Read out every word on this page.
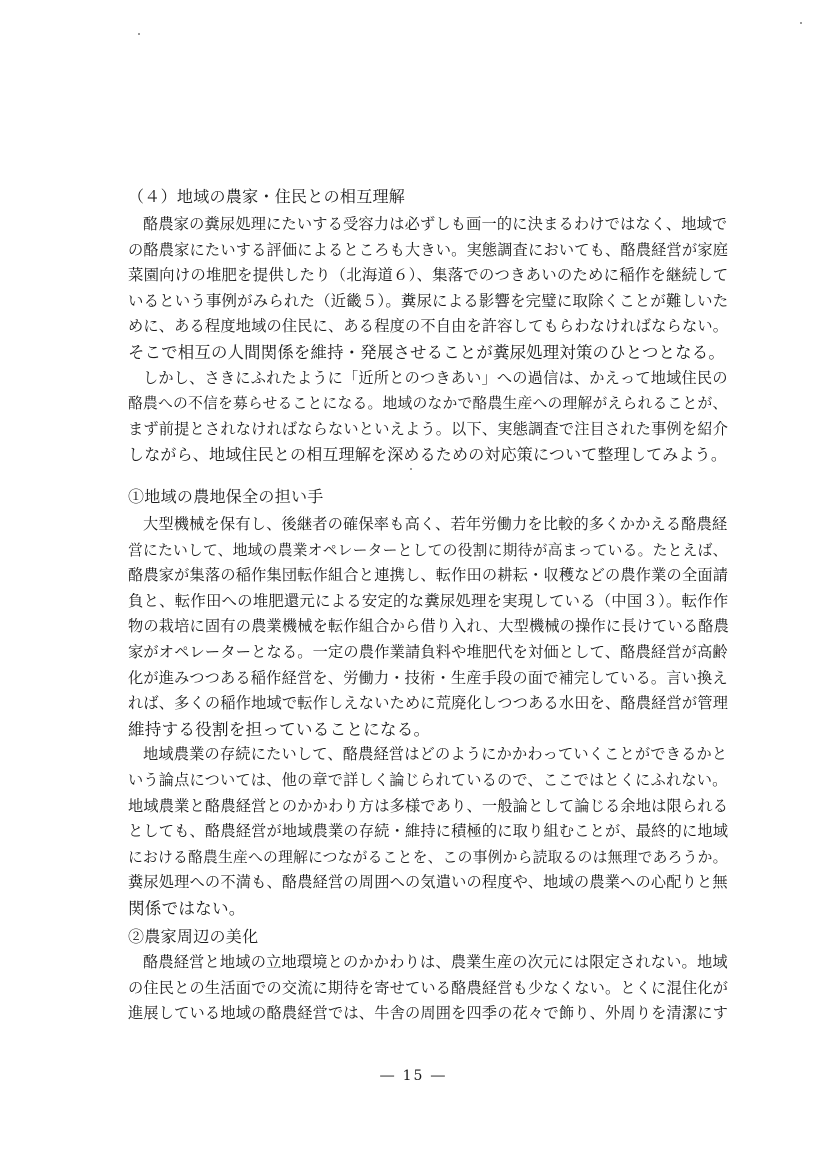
（４）地域の農家・住民との相互理解
酪農家の糞尿処理にたいする受容力は必ずしも画一的に決まるわけではなく、地域で
の酪農家にたいする評価によるところも大きい。実態調査においても、酪農経営が家庭
菜園向けの堆肥を提供したり（北海道６）、集落でのつきあいのために稲作を継続して
いるという事例がみられた（近畿５）。糞尿による影響を完璧に取除くことが難しいた
めに、ある程度地域の住民に、ある程度の不自由を許容してもらわなければならない。
そこで相互の人間関係を維持・発展させることが糞尿処理対策のひとつとなる。
しかし、さきにふれたように「近所とのつきあい」への過信は、かえって地域住民の
酪農への不信を募らせることになる。地域のなかで酪農生産への理解がえられることが、
まず前提とされなければならないといえよう。以下、実態調査で注目された事例を紹介
しながら、地域住民との相互理解を深めるための対応策について整理してみよう。
①地域の農地保全の担い手
大型機械を保有し、後継者の確保率も高く、若年労働力を比較的多くかかえる酪農経
営にたいして、地域の農業オペレーターとしての役割に期待が高まっている。たとえば、
酪農家が集落の稲作集団転作組合と連携し、転作田の耕耘・収穫などの農作業の全面請
負と、転作田への堆肥還元による安定的な糞尿処理を実現している（中国３）。転作作
物の栽培に固有の農業機械を転作組合から借り入れ、大型機械の操作に長けている酪農
家がオペレーターとなる。一定の農作業請負料や堆肥代を対価として、酪農経営が高齢
化が進みつつある稲作経営を、労働力・技術・生産手段の面で補完している。言い換え
れば、多くの稲作地域で転作しえないために荒廃化しつつある水田を、酪農経営が管理
維持する役割を担っていることになる。
地域農業の存続にたいして、酪農経営はどのようにかかわっていくことができるかと
いう論点については、他の章で詳しく論じられているので、ここではとくにふれない。
地域農業と酪農経営とのかかわり方は多様であり、一般論として論じる余地は限られる
としても、酪農経営が地域農業の存続・維持に積極的に取り組むことが、最終的に地域
における酪農生産への理解につながることを、この事例から読取るのは無理であろうか。
糞尿処理への不満も、酪農経営の周囲への気遣いの程度や、地域の農業への心配りと無
関係ではない。
②農家周辺の美化
酪農経営と地域の立地環境とのかかわりは、農業生産の次元には限定されない。地域
の住民との生活面での交流に期待を寄せている酪農経営も少なくない。とくに混住化が
進展している地域の酪農経営では、牛舎の周囲を四季の花々で飾り、外周りを清潔にす
― 15 ―
